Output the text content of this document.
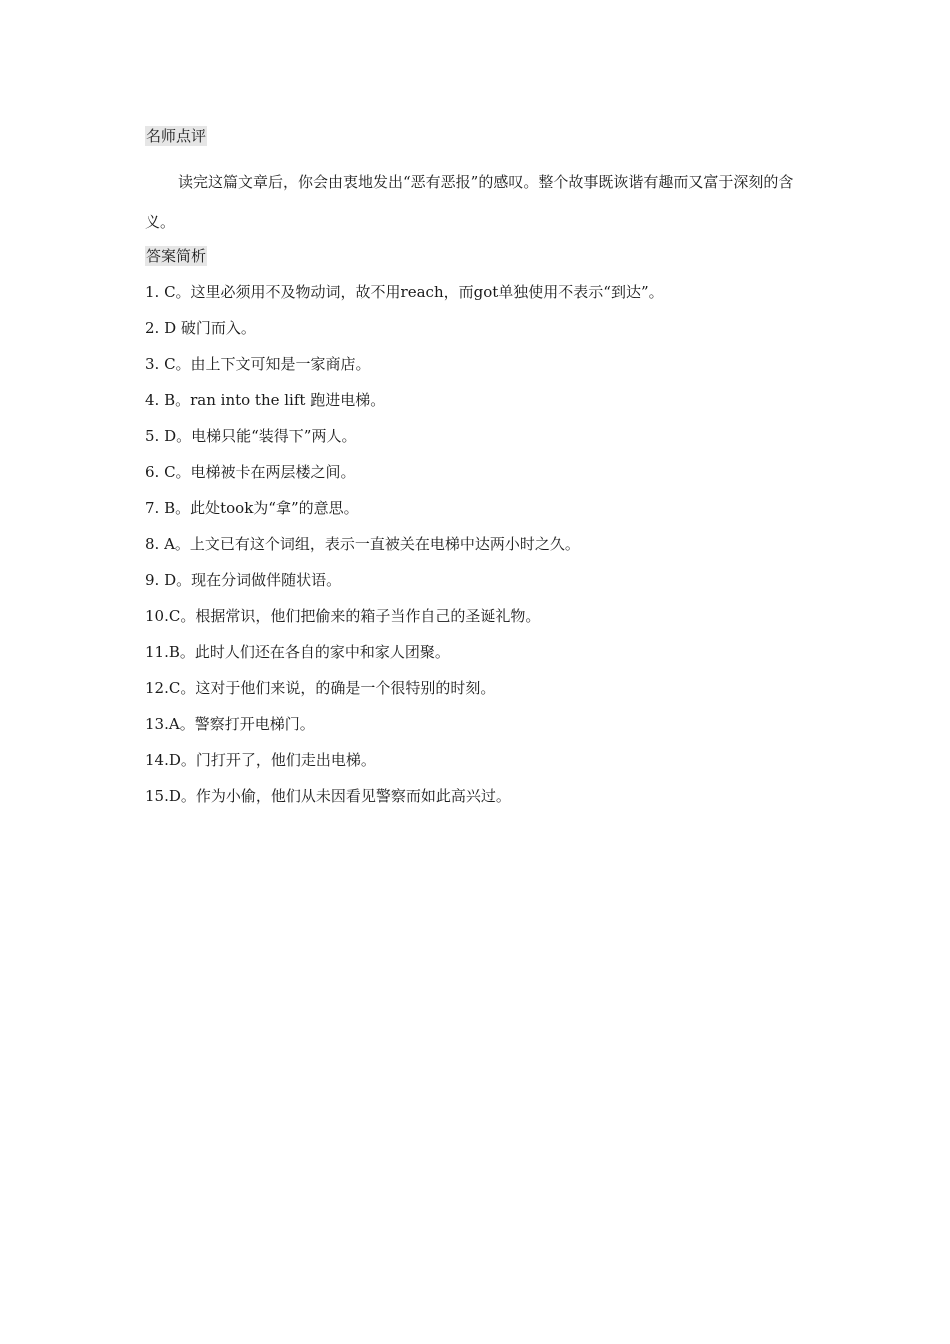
名师点评

读完这篇文章后，你会由衷地发出“恶有恶报”的感叹。整个故事既诙谐有趣而又富于深刻的含义。

答案简析
1. C。这里必须用不及物动词，故不用reach，而got单独使用不表示“到达”。
2. D 破门而入。
3. C。由上下文可知是一家商店。
4. B。ran into the lift 跑进电梯。
5. D。电梯只能“装得下”两人。
6. C。电梯被卡在两层楼之间。
7. B。此处took为“拿”的意思。
8. A。上文已有这个词组，表示一直被关在电梯中达两小时之久。
9. D。现在分词做伴随状语。
10.C。根据常识，他们把偷来的箱子当作自己的圣诞礼物。
11.B。此时人们还在各自的家中和家人团聚。
12.C。这对于他们来说，的确是一个很特别的时刻。
13.A。警察打开电梯门。
14.D。门打开了，他们走出电梯。
15.D。作为小偷，他们从未因看见警察而如此高兴过。
